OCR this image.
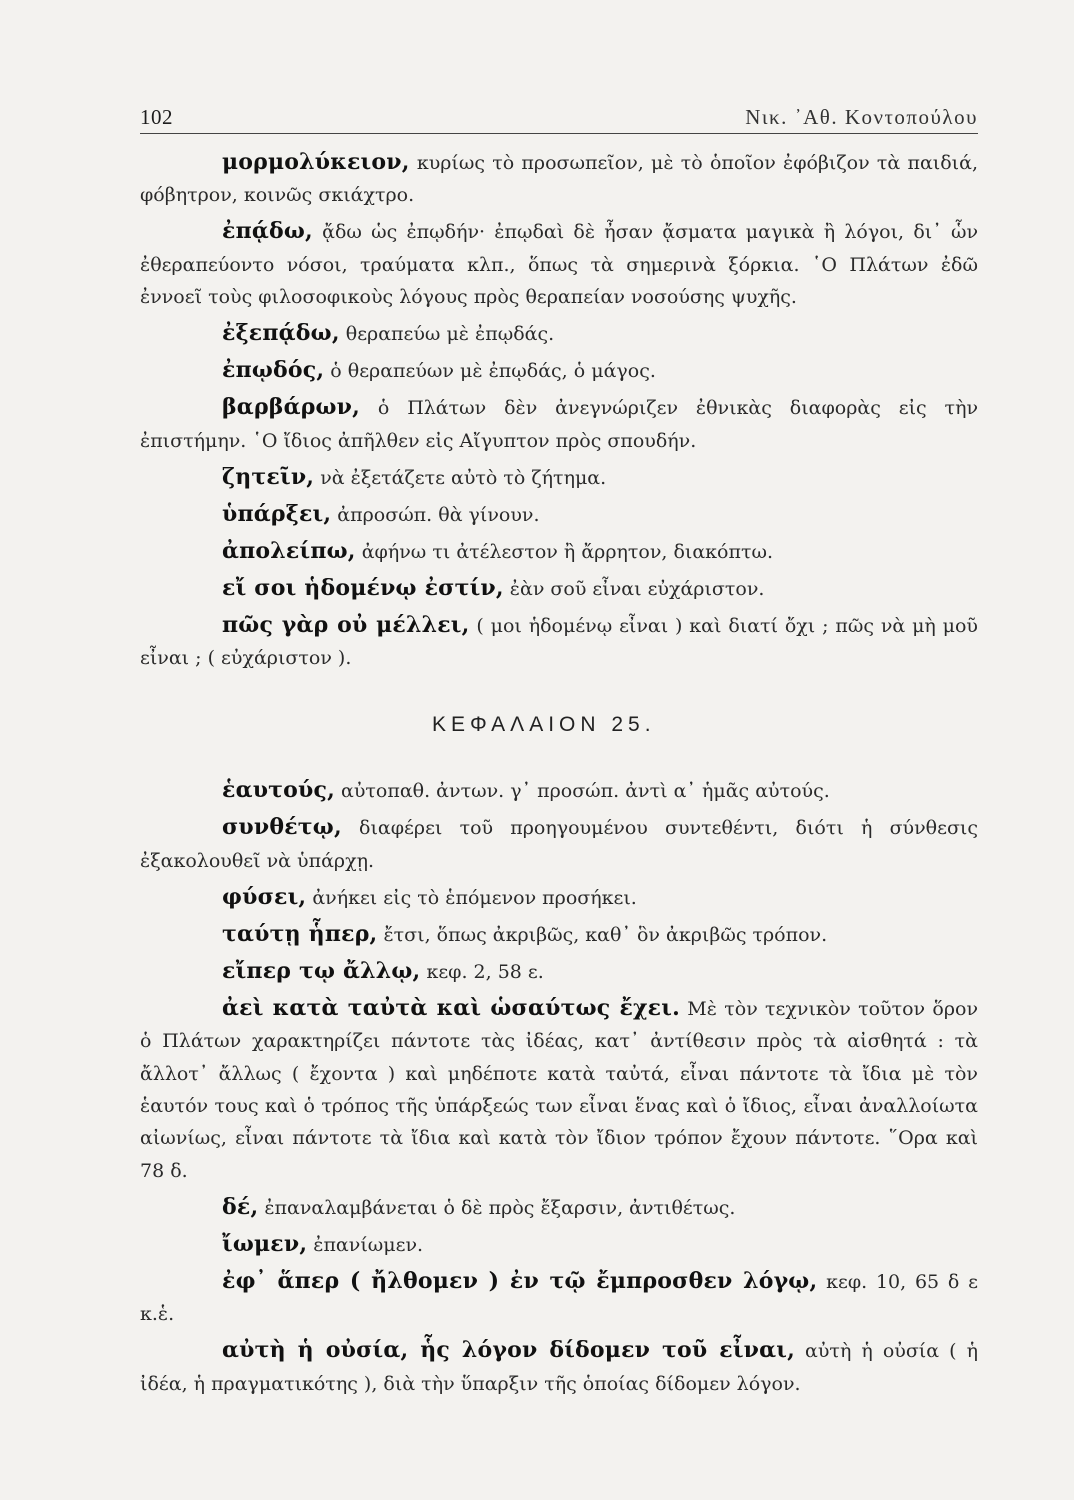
102	Νικ. ᾿Αθ. Κοντοπούλου

μορμολύκειον, κυρίως τὸ προσωπεῖον, μὲ τὸ ὁποῖον ἐφόβιζον τὰ παιδιά, φόβητρον, κοινῶς σκιάχτρο.

ἐπᾴδω, ᾄδω ὡς ἐπῳδήν· ἐπῳδαὶ δὲ ἦσαν ᾄσματα μαγικὰ ἢ λόγοι, δι᾿ ὧν ἐθεραπεύοντο νόσοι, τραύματα κλπ., ὅπως τὰ σημερινὰ ξόρκια. ῾Ο Πλάτων ἐδῶ ἐννοεῖ τοὺς φιλοσοφικοὺς λόγους πρὸς θεραπείαν νοσούσης ψυχῆς.

ἐξεπᾴδω, θεραπεύω μὲ ἐπῳδάς.

ἐπῳδός, ὁ θεραπεύων μὲ ἐπῳδάς, ὁ μάγος.

βαρβάρων, ὁ Πλάτων δὲν ἀνεγνώριζεν ἐθνικὰς διαφορὰς εἰς τὴν ἐπιστήμην. ῾Ο ἴδιος ἀπῆλθεν εἰς Αἴγυπτον πρὸς σπουδήν.

ζητεῖν, νὰ ἐξετάζετε αὐτὸ τὸ ζήτημα.

ὑπάρξει, ἀπροσώπ. θὰ γίνουν.

ἀπολείπω, ἀφήνω τι ἀτέλεστον ἢ ἄρρητον, διακόπτω.

εἴ σοι ἡδομένῳ ἐστίν, ἐὰν σοῦ εἶναι εὐχάριστον.

πῶς γὰρ οὐ μέλλει, ( μοι ἡδομένῳ εἶναι ) καὶ διατί ὄχι ; πῶς νὰ μὴ μοῦ εἶναι ; ( εὐχάριστον ).

ΚΕΦΑΛΑΙΟΝ 25.

ἑαυτούς, αὐτοπαθ. ἀντων. γ᾿ προσώπ. ἀντὶ α᾿ ἡμᾶς αὐτούς.

συνθέτῳ, διαφέρει τοῦ προηγουμένου συντεθέντι, διότι ἡ σύνθεσις ἐξακολουθεῖ νὰ ὑπάρχῃ.

φύσει, ἀνήκει εἰς τὸ ἑπόμενον προσήκει.

ταύτῃ ἧπερ, ἔτσι, ὅπως ἀκριβῶς, καθ᾿ ὃν ἀκριβῶς τρόπον.

εἴπερ τῳ ἄλλῳ, κεφ. 2, 58 ε.

ἀεὶ κατὰ ταὐτὰ καὶ ὡσαύτως ἔχει. Μὲ τὸν τεχνικὸν τοῦτον ὅρον ὁ Πλάτων χαρακτηρίζει πάντοτε τὰς ἰδέας, κατ᾿ ἀντίθεσιν πρὸς τὰ αἰσθητά : τὰ ἄλλοτ᾿ ἄλλως ( ἔχοντα ) καὶ μηδέποτε κατὰ ταὐτά, εἶναι πάντοτε τὰ ἴδια μὲ τὸν ἑαυτόν τους καὶ ὁ τρόπος τῆς ὑπάρξεώς των εἶναι ἕνας καὶ ὁ ἴδιος, εἶναι ἀναλλοίωτα αἰωνίως, εἶναι πάντοτε τὰ ἴδια καὶ κατὰ τὸν ἴδιον τρόπον ἔχουν πάντοτε. ῞Ορα καὶ 78 δ.

δέ, ἐπαναλαμβάνεται ὁ δὲ πρὸς ἔξαρσιν, ἀντιθέτως.

ἴωμεν, ἐπανίωμεν.

ἐφ᾿ ἅπερ ( ἤλθομεν ) ἐν τῷ ἔμπροσθεν λόγῳ, κεφ. 10, 65 δ ε κ.ἑ.

αὐτὴ ἡ οὐσία, ἧς λόγον δίδομεν τοῦ εἶναι, αὐτὴ ἡ οὐσία ( ἡ ἰδέα, ἡ πραγματικότης ), διὰ τὴν ὕπαρξιν τῆς ὁποίας δίδομεν λόγον.
